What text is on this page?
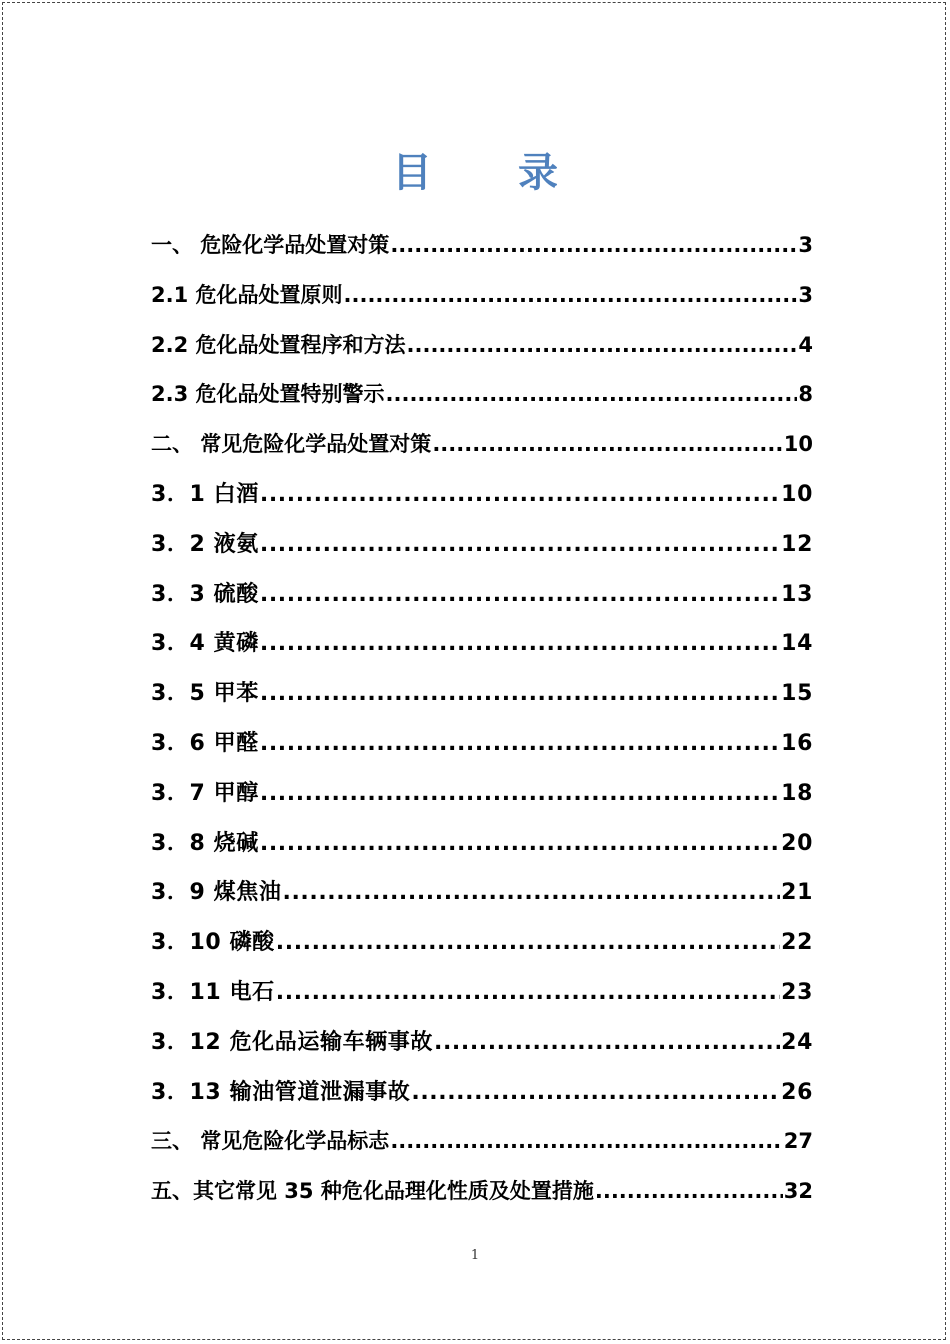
目 录
一、 危险化学品处置对策 .....	3
2.1 危化品处置原则 .....	3
2.2 危化品处置程序和方法 .....	4
2.3 危化品处置特别警示 .....	8
二、 常见危险化学品处置对策 .....	10
3．1 白酒 .....	10
3．2 液氨 .....	12
3．3 硫酸 .....	13
3．4 黄磷 .....	14
3．5 甲苯 .....	15
3．6 甲醛 .....	16
3．7 甲醇 .....	18
3．8 烧碱 .....	20
3．9 煤焦油 .....	21
3．10 磷酸 .....	22
3．11 电石 .....	23
3．12 危化品运输车辆事故 .....	24
3．13 输油管道泄漏事故 .....	26
三、 常见危险化学品标志 .....	27
五、其它常见 35 种危化品理化性质及处置措施 .....	32
1
